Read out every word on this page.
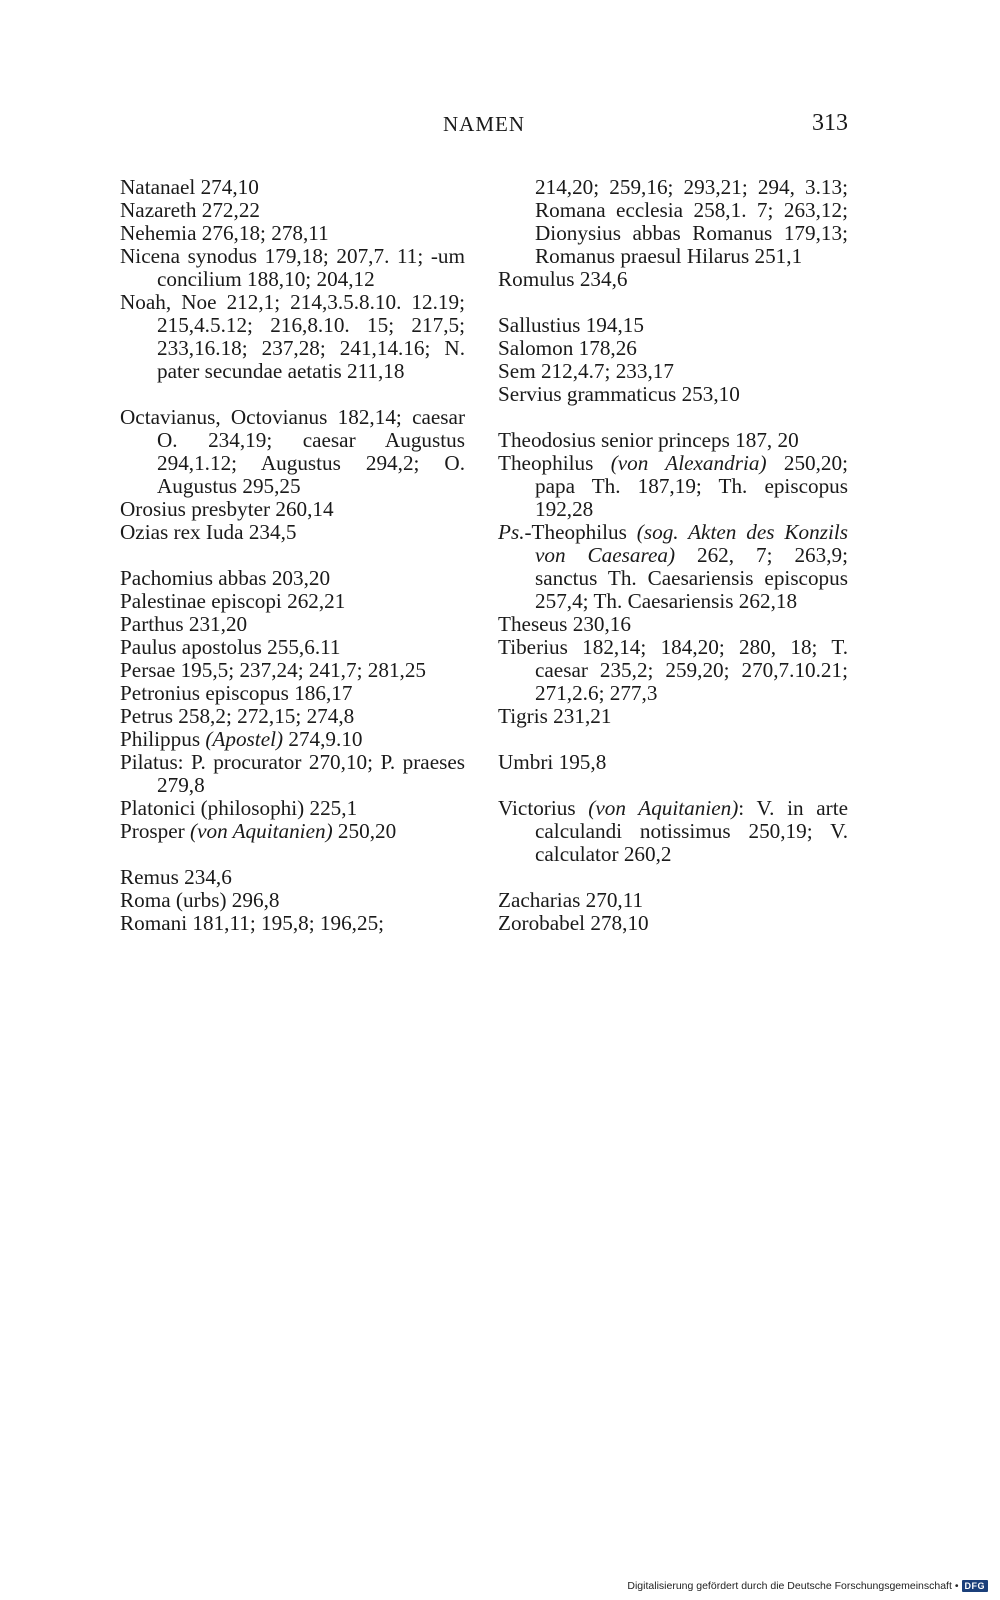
NAMEN	313
Natanael 274,10
Nazareth 272,22
Nehemia 276,18; 278,11
Nicena synodus 179,18; 207,7. 11; -um concilium 188,10; 204,12
Noah, Noe 212,1; 214,3.5.8.10. 12.19; 215,4.5.12; 216,8.10. 15; 217,5; 233,16.18; 237,28; 241,14.16; N. pater secundae aetatis 211,18
Octavianus, Octovianus 182,14; caesar O. 234,19; caesar Augustus 294,1.12; Augustus 294,2; O. Augustus 295,25
Orosius presbyter 260,14
Ozias rex Iuda 234,5
Pachomius abbas 203,20
Palestinae episcopi 262,21
Parthus 231,20
Paulus apostolus 255,6.11
Persae 195,5; 237,24; 241,7; 281,25
Petronius episcopus 186,17
Petrus 258,2; 272,15; 274,8
Philippus (Apostel) 274,9.10
Pilatus: P. procurator 270,10; P. praeses 279,8
Platonici (philosophi) 225,1
Prosper (von Aquitanien) 250,20
Remus 234,6
Roma (urbs) 296,8
Romani 181,11; 195,8; 196,25;
214,20; 259,16; 293,21; 294, 3.13; Romana ecclesia 258,1. 7; 263,12; Dionysius abbas Romanus 179,13; Romanus praesul Hilarus 251,1
Romulus 234,6
Sallustius 194,15
Salomon 178,26
Sem 212,4.7; 233,17
Servius grammaticus 253,10
Theodosius senior princeps 187, 20
Theophilus (von Alexandria) 250,20; papa Th. 187,19; Th. episcopus 192,28
Ps.-Theophilus (sog. Akten des Konzils von Caesarea) 262, 7; 263,9; sanctus Th. Caesariensis episcopus 257,4; Th. Caesariensis 262,18
Theseus 230,16
Tiberius 182,14; 184,20; 280, 18; T. caesar 235,2; 259,20; 270,7.10.21; 271,2.6; 277,3
Tigris 231,21
Umbri 195,8
Victorius (von Aquitanien): V. in arte calculandi notissimus 250,19; V. calculator 260,2
Zacharias 270,11
Zorobabel 278,10
Digitalisierung gefördert durch die Deutsche Forschungsgemeinschaft • DFG
